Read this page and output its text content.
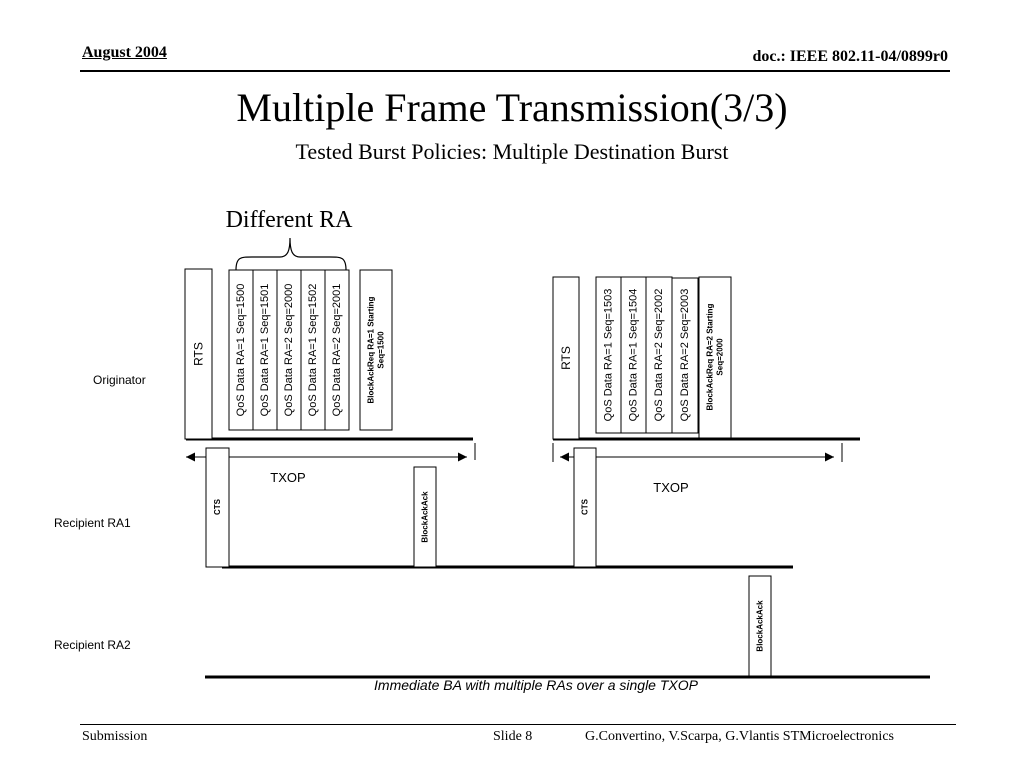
August 2004	doc.: IEEE 802.11-04/0899r0
Multiple Frame Transmission(3/3)
Tested Burst Policies: Multiple Destination Burst
Different RA
Originator
Recipient RA1
Recipient RA2
TXOP
TXOP
RTS	QoS Data RA=1 Seq=1500 QoS Data RA=1 Seq=1501 QoS Data RA=2 Seq=2000 QoS Data RA=1 Seq=1502 QoS Data RA=2 Seq=2001	BlockAckReq RA=1 Starting Seq=1500
CTS	BlockAckAck
RTS	QoS Data RA=1 Seq=1503 QoS Data RA=1 Seq=1504 QoS Data RA=2 Seq=2002 QoS Data RA=2 Seq=2003 BlockAckReq RA=2 Starting Seq=2000
CTS
BlockAckAck
Immediate BA with multiple RAs over a single TXOP
Submission	Slide 8	G.Convertino, V.Scarpa, G.Vlantis STMicroelectronics
